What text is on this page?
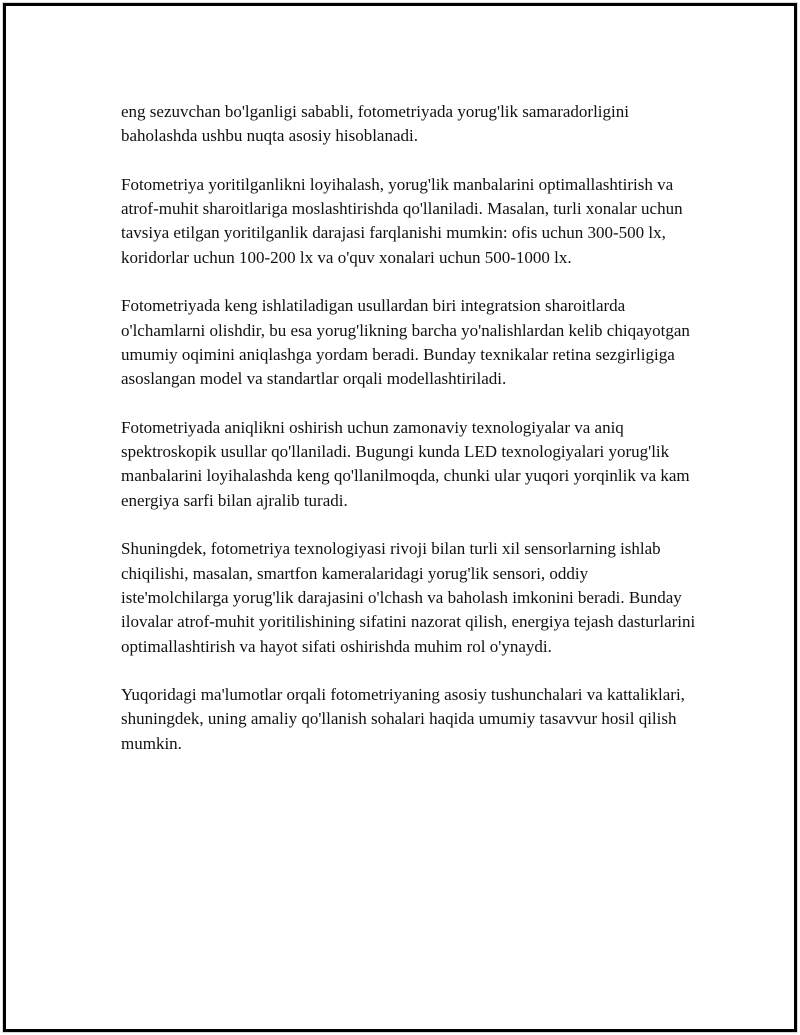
eng sezuvchan bo'lganligi sababli, fotometriyada yorug'lik samaradorligini baholashda ushbu nuqta asosiy hisoblanadi.

Fotometriya yoritilganlikni loyihalash, yorug'lik manbalarini optimallashtirish va atrof-muhit sharoitlariga moslashtirishda qo'llaniladi. Masalan, turli xonalar uchun tavsiya etilgan yoritilganlik darajasi farqlanishi mumkin: ofis uchun 300-500 lx, koridorlar uchun 100-200 lx va o'quv xonalari uchun 500-1000 lx.

Fotometriyada keng ishlatiladigan usullardan biri integratsion sharoitlarda o'lchamlarni olishdir, bu esa yorug'likning barcha yo'nalishlardan kelib chiqayotgan umumiy oqimini aniqlashga yordam beradi. Bunday texnikalar retina sezgirligiga asoslangan model va standartlar orqali modellashtiriladi.

Fotometriyada aniqlikni oshirish uchun zamonaviy texnologiyalar va aniq spektroskopik usullar qo'llaniladi. Bugungi kunda LED texnologiyalari yorug'lik manbalarini loyihalashda keng qo'llanilmoqda, chunki ular yuqori yorqinlik va kam energiya sarfi bilan ajralib turadi.

Shuningdek, fotometriya texnologiyasi rivoji bilan turli xil sensorlarning ishlab chiqilishi, masalan, smartfon kameralaridagi yorug'lik sensori, oddiy iste'molchilarga yorug'lik darajasini o'lchash va baholash imkonini beradi. Bunday ilovalar atrof-muhit yoritilishining sifatini nazorat qilish, energiya tejash dasturlarini optimallashtirish va hayot sifati oshirishda muhim rol o'ynaydi.

Yuqoridagi ma'lumotlar orqali fotometriyaning asosiy tushunchalari va kattaliklari, shuningdek, uning amaliy qo'llanish sohalari haqida umumiy tasavvur hosil qilish mumkin.
